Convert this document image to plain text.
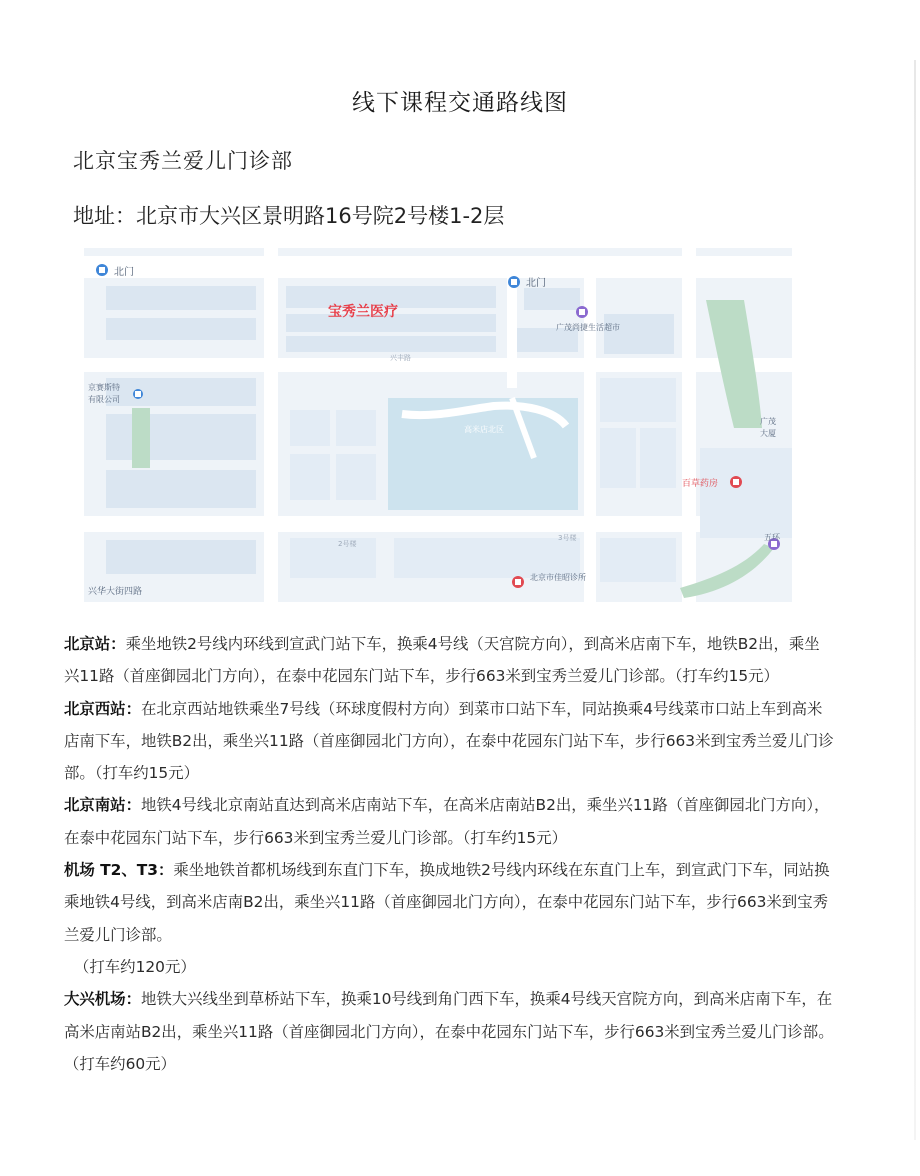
线下课程交通路线图
北京宝秀兰爱儿门诊部
地址：北京市大兴区景明路16号院2号楼1-2层
北门
北门
宝秀兰医疗
广茂尚捷生活超市
京赛斯特
有限公司
高米店北区
广茂
大厦
百草药房
五环
北京市佳昭诊所
兴华大街四路
兴丰路
2号楼
3号楼

北京站：乘坐地铁2号线内环线到宣武门站下车，换乘4号线（天宫院方向），到高米店南下车，地铁B2出，乘坐兴11路（首座御园北门方向），在泰中花园东门站下车，步行663米到宝秀兰爱儿门诊部。（打车约15元）

北京西站：在北京西站地铁乘坐7号线（环球度假村方向）到菜市口站下车，同站换乘4号线菜市口站上车到高米店南下车，地铁B2出，乘坐兴11路（首座御园北门方向），在泰中花园东门站下车，步行663米到宝秀兰爱儿门诊部。（打车约15元）

北京南站：地铁4号线北京南站直达到高米店南站下车，在高米店南站B2出，乘坐兴11路（首座御园北门方向），在泰中花园东门站下车，步行663米到宝秀兰爱儿门诊部。（打车约15元）

机场 T2、T3：乘坐地铁首都机场线到东直门下车，换成地铁2号线内环线在东直门上车，到宣武门下车，同站换乘地铁4号线，到高米店南B2出，乘坐兴11路（首座御园北门方向），在泰中花园东门站下车，步行663米到宝秀兰爱儿门诊部。
（打车约120元）

大兴机场：地铁大兴线坐到草桥站下车，换乘10号线到角门西下车，换乘4号线天宫院方向，到高米店南下车，在高米店南站B2出，乘坐兴11路（首座御园北门方向），在泰中花园东门站下车，步行663米到宝秀兰爱儿门诊部。（打车约60元）
